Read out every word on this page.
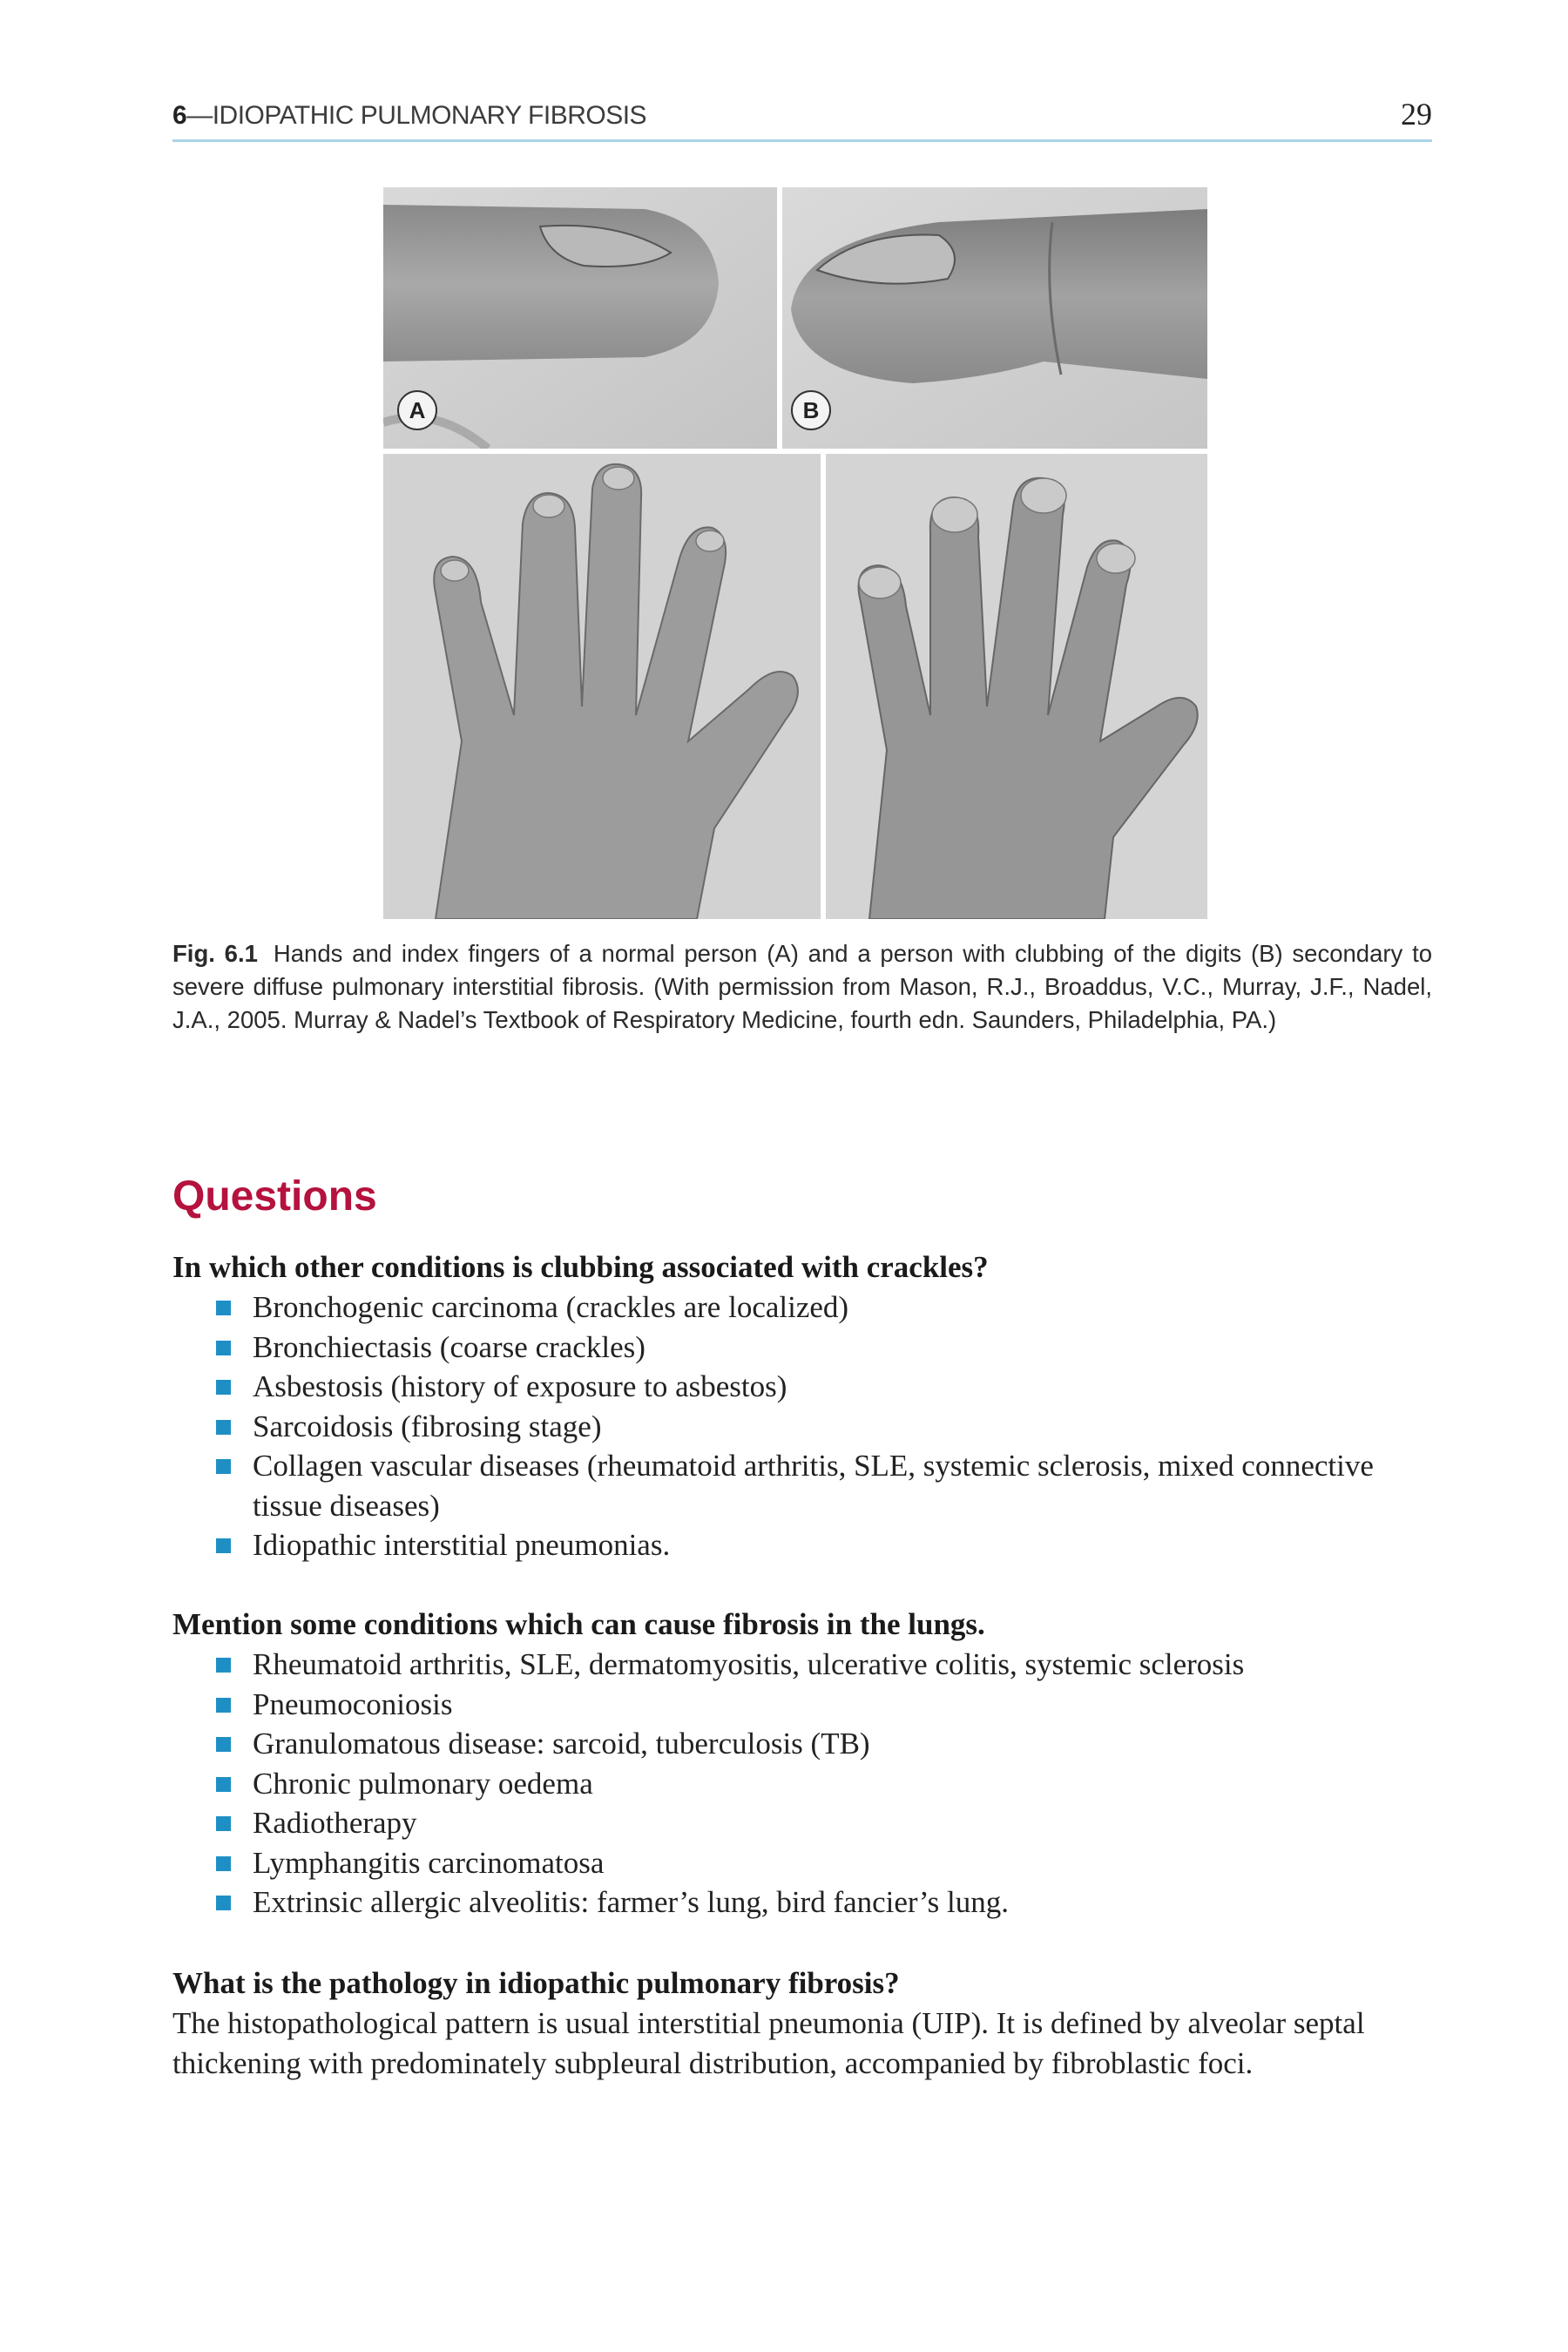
6—IDIOPATHIC PULMONARY FIBROSIS	29
A	B
Fig. 6.1 Hands and index fingers of a normal person (A) and a person with clubbing of the digits (B) secondary to severe diffuse pulmonary interstitial fibrosis. (With permission from Mason, R.J., Broaddus, V.C., Murray, J.F., Nadel, J.A., 2005. Murray & Nadel’s Textbook of Respiratory Medicine, fourth edn. Saunders, Philadelphia, PA.)
Questions

In which other conditions is clubbing associated with crackles?

Bronchogenic carcinoma (crackles are localized)
Bronchiectasis (coarse crackles)
Asbestosis (history of exposure to asbestos)
Sarcoidosis (fibrosing stage)
Collagen vascular diseases (rheumatoid arthritis, SLE, systemic sclerosis, mixed connective tissue diseases)
Idiopathic interstitial pneumonias.

Mention some conditions which can cause fibrosis in the lungs.

Rheumatoid arthritis, SLE, dermatomyositis, ulcerative colitis, systemic sclerosis
Pneumoconiosis
Granulomatous disease: sarcoid, tuberculosis (TB)
Chronic pulmonary oedema
Radiotherapy
Lymphangitis carcinomatosa
Extrinsic allergic alveolitis: farmer’s lung, bird fancier’s lung.

What is the pathology in idiopathic pulmonary fibrosis?

The histopathological pattern is usual interstitial pneumonia (UIP). It is defined by alveolar septal thickening with predominately subpleural distribution, accompanied by fibroblastic foci.
